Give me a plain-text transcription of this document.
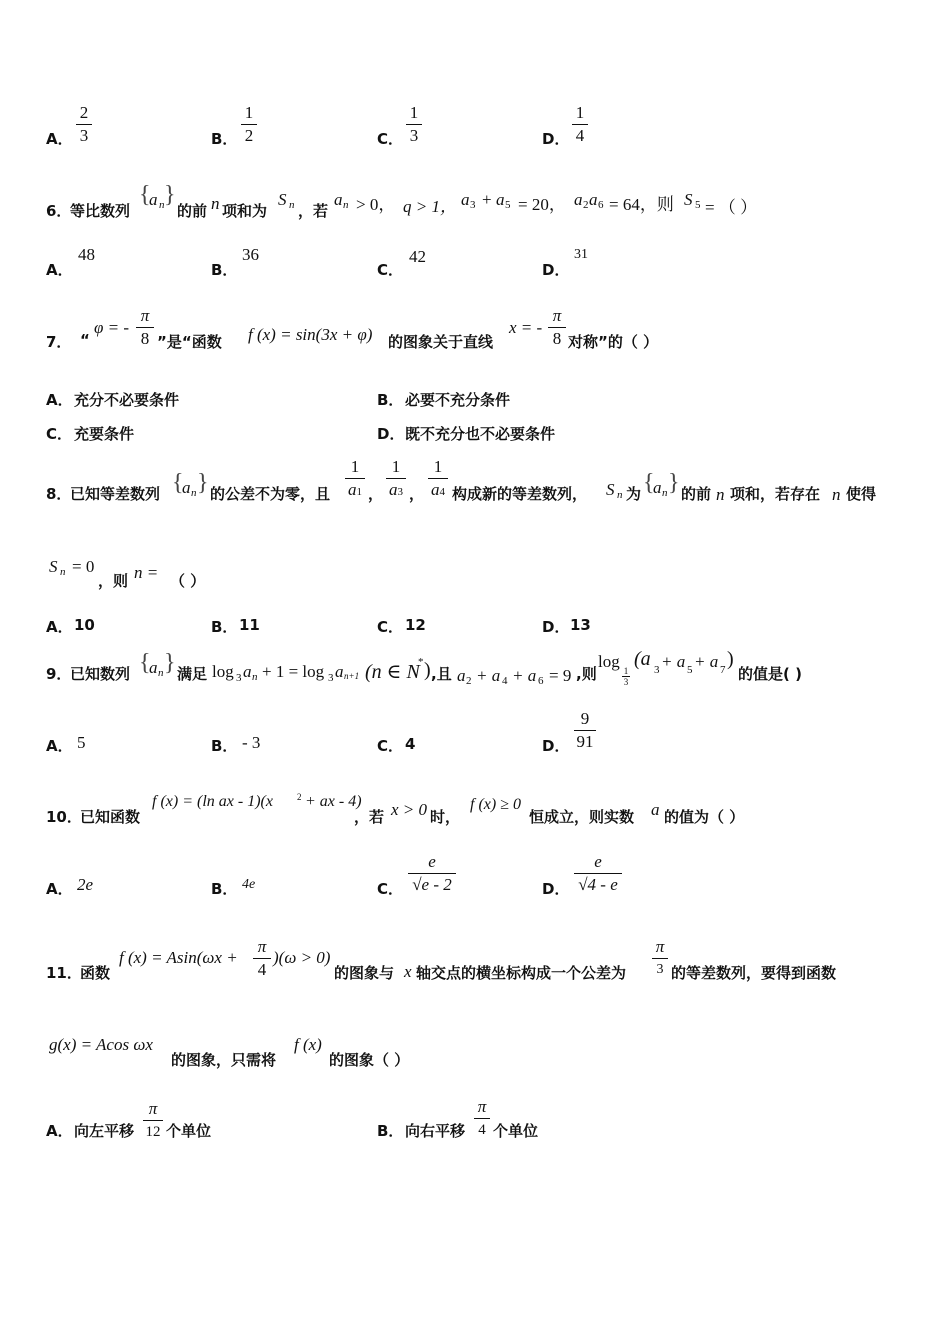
A．
2
3	B．
1
2	C．
1
3	D．
1
4
6．
等比数列
{
a n }
的前 n 项和为
S n ，若
a n > 0， q > 1， a 3 + a 5 = 20， a 2 a 6 = 64，则 S 5 = （ ）
A．
48
B．
36
C．
42
D．
31
7． “
φ = -
π
8 ”是“函数 f (x) = sin(3x + φ) 的图象关于直线
x = -
π
8 对称”的（ ）
A． 充分不必要条件	B． 必要不充分条件
C． 充要条件	D． 既不充分也不必要条件
8．
已知等差数列 {
a n } 的公差不为零，且
1
a1 ，
1
a3 ，
1
a4 构成新的等差数列， S n 为 {
a n } 的前 n 项和，若存在 n 使得
S n = 0
，则 n = （ ）
A． 10	B． 11	C． 12	D． 13
9．
已知数列 {
a n } 满足 log 3 a n + 1 = log 3 a n+1 (n ∈ N
* ) ,且 a 2 + a 4 + a 6 = 9 ,则
log 1
3
(a 3 + a 5 + a 7 )
的值是( )
A． 5	B． - 3	C． 4	D．
9
91
10．
已知函数
f (x) = (ln ax - 1)(x	2 + ax - 4)
，若 x > 0 时，
f (x) ≥ 0
恒成立，则实数 a 的值为（ ）
A． 2e	B． 4e	C．
e
√e - 2	D．
e
√4 - e
11．
函数
f (x) = Asin(ωx +
π
4
)(ω > 0)
的图象与 x 轴交点的横坐标构成一个公差为
π
3 的等差数列，要得到函数
g(x) = Acos ωx
的图象，只需将
f (x)
的图象（ ）
A． 向左平移
π
12 个单位	B． 向右平移
π
4 个单位
